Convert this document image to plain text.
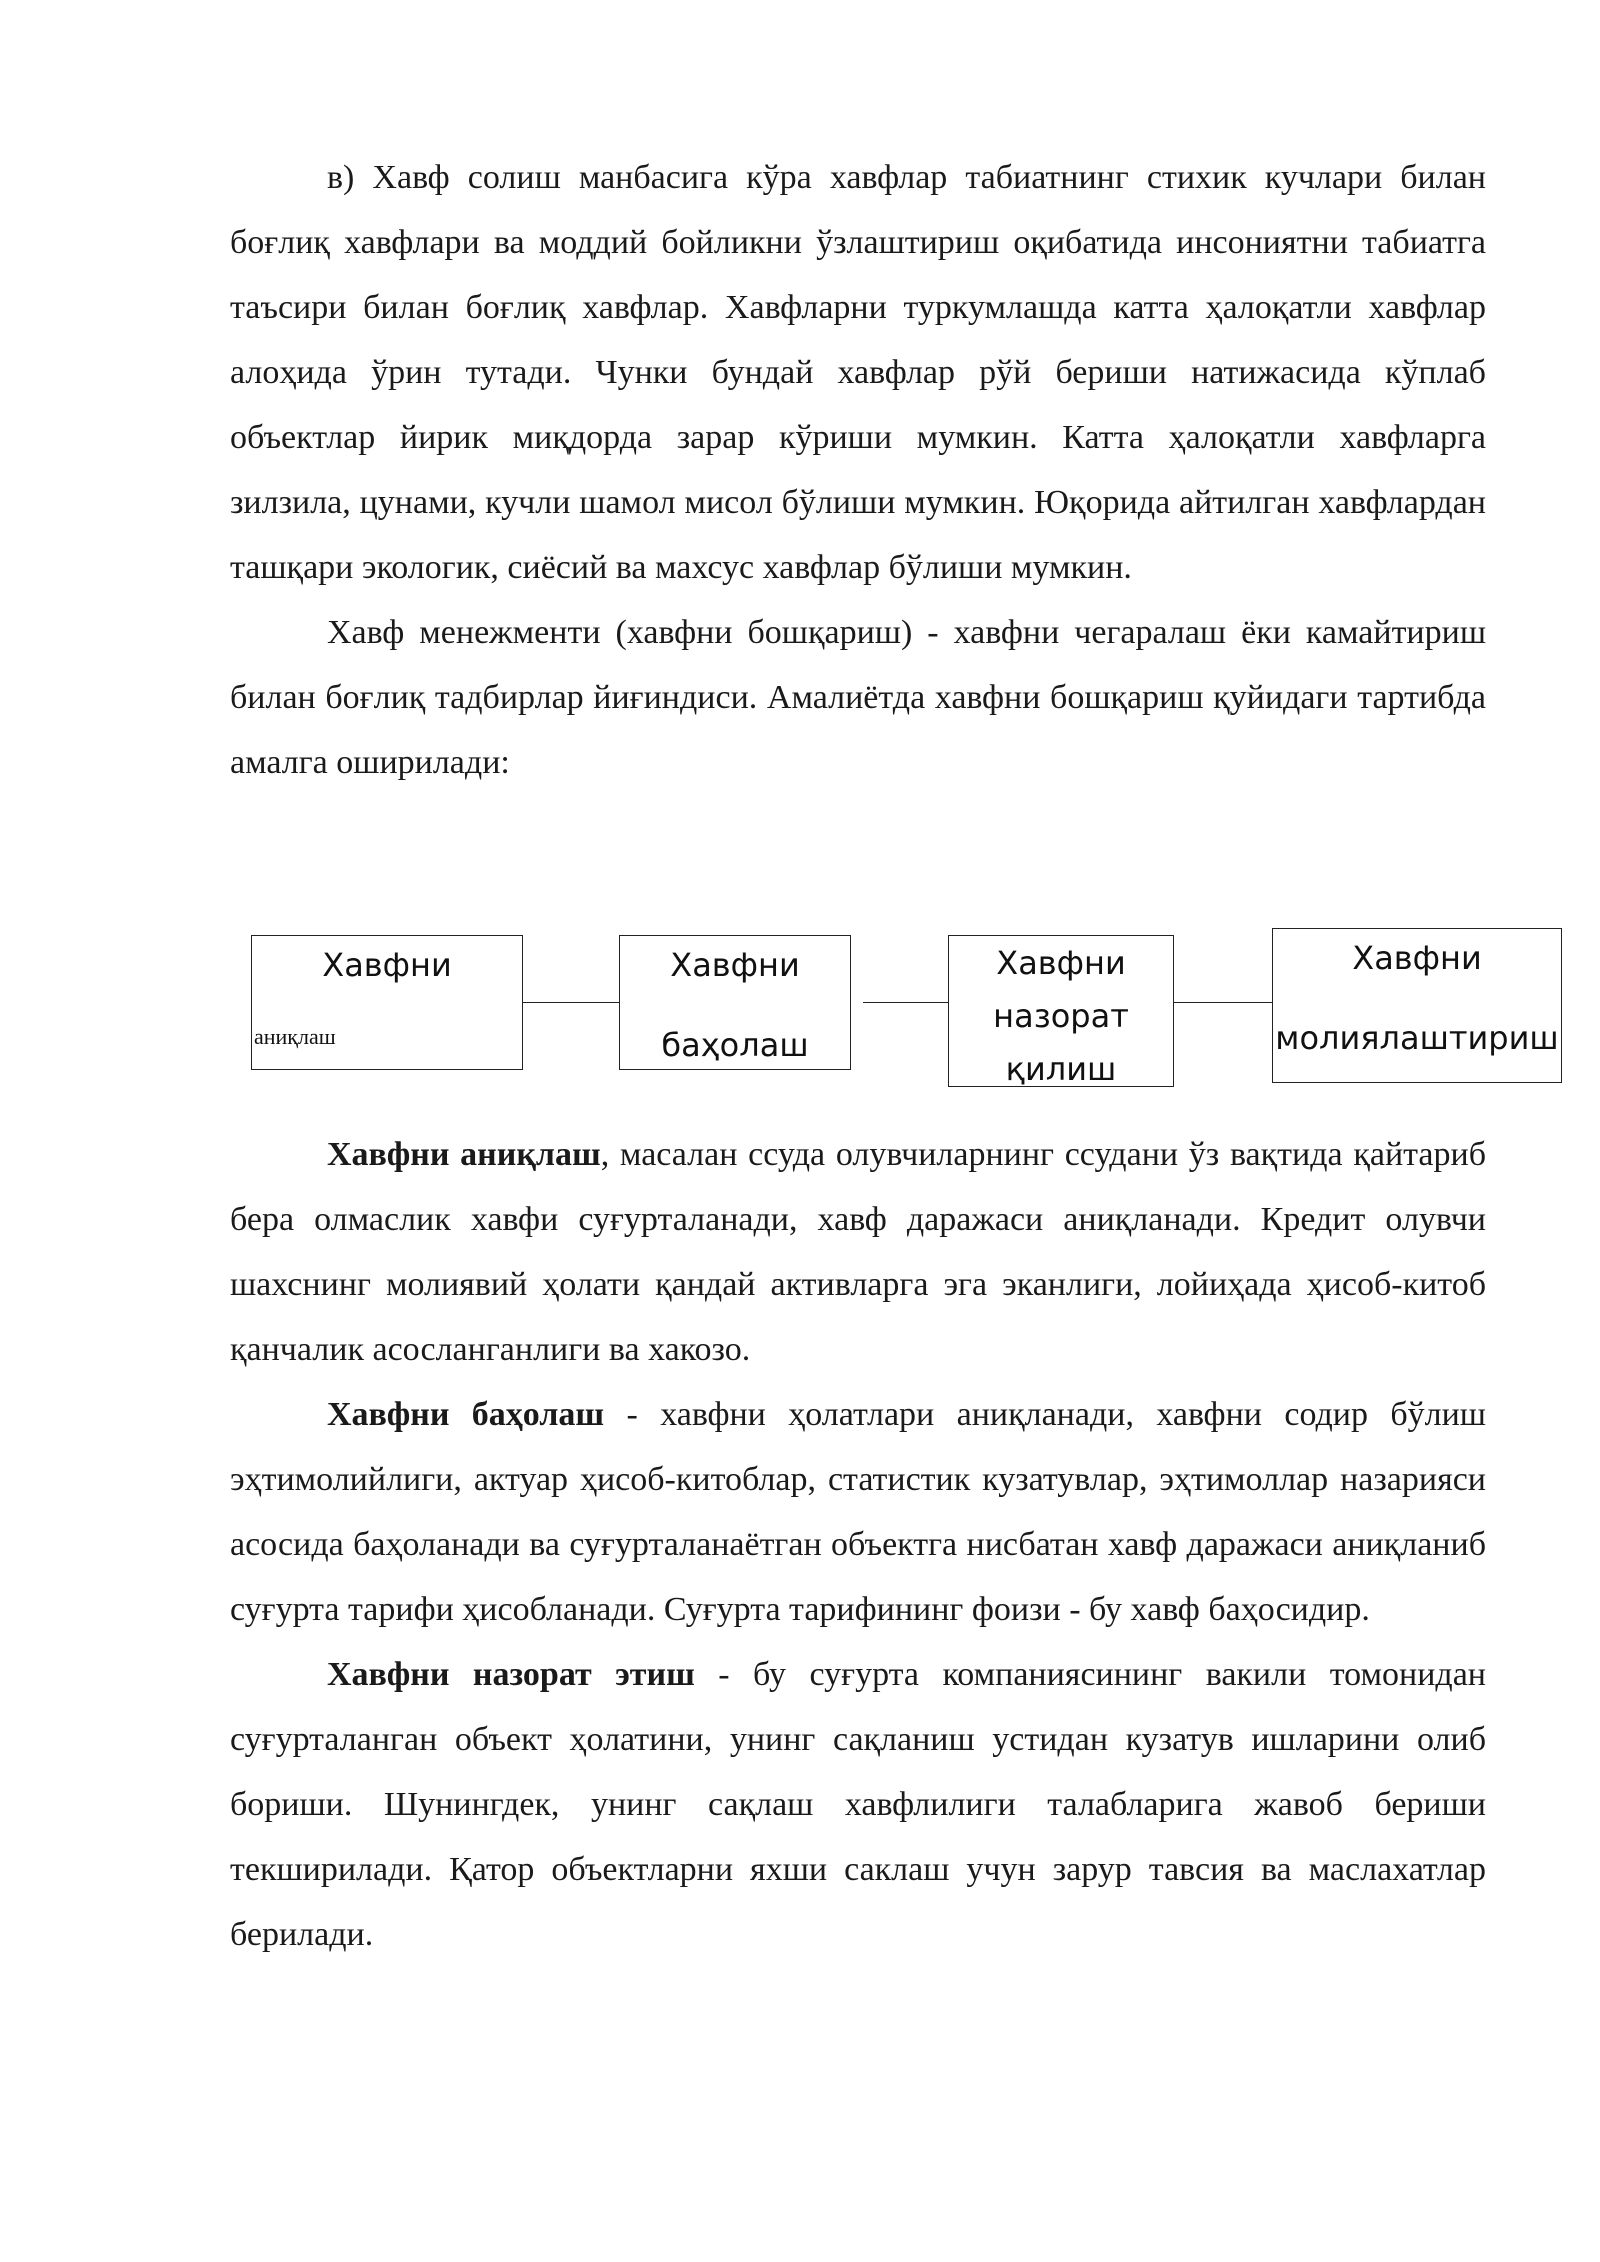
в) Хавф солиш манбасига кўра хавфлар табиатнинг стихик кучлари билан боғлиқ хавфлари ва моддий бойликни ўзлаштириш оқибатида инсониятни табиатга таъсири билан боғлиқ хавфлар. Хавфларни туркумлашда катта ҳалоқатли хавфлар алоҳида ўрин тутади. Чунки бундай хавфлар рўй бериши натижасида кўплаб объектлар йирик миқдорда зарар кўриши мумкин. Катта ҳалоқатли хавфларга зилзила, цунами, кучли шамол мисол бўлиши мумкин. Юқорида айтилган хавфлардан ташқари экологик, сиёсий ва махсус хавфлар бўлиши мумкин.

Хавф менежменти (хавфни бошқариш) - хавфни чегаралаш ёки камайтириш билан боғлиқ тадбирлар йиғиндиси. Амалиётда хавфни бошқариш қуйидаги тартибда амалга оширилади:

Хавфни
аниқлаш
Хавфни
баҳолаш
Хавфни
назорат
қилиш
Хавфни
молиялаштириш

Хавфни аниқлаш, масалан ссуда олувчиларнинг ссудани ўз вақтида қайтариб бера олмаслик хавфи суғурталанади, хавф даражаси аниқланади. Кредит олувчи шахснинг молиявий ҳолати қандай активларга эга эканлиги, лойиҳада ҳисоб-китоб қанчалик асосланганлиги ва хакозо.

Хавфни баҳолаш - хавфни ҳолатлари аниқланади, хавфни содир бўлиш эҳтимолийлиги, актуар ҳисоб-китоблар, статистик кузатувлар, эҳтимоллар назарияси асосида баҳоланади ва суғурталанаётган объектга нисбатан хавф даражаси аниқланиб суғурта тарифи ҳисобланади. Суғурта тарифининг фоизи - бу хавф баҳосидир.

Хавфни назорат этиш - бу суғурта компаниясининг вакили томонидан суғурталанган объект ҳолатини, унинг сақланиш устидан кузатув ишларини олиб бориши. Шунингдек, унинг сақлаш хавфлилиги талабларига жавоб бериши текширилади. Қатор объектларни яхши саклаш учун зарур тавсия ва маслахатлар берилади.
